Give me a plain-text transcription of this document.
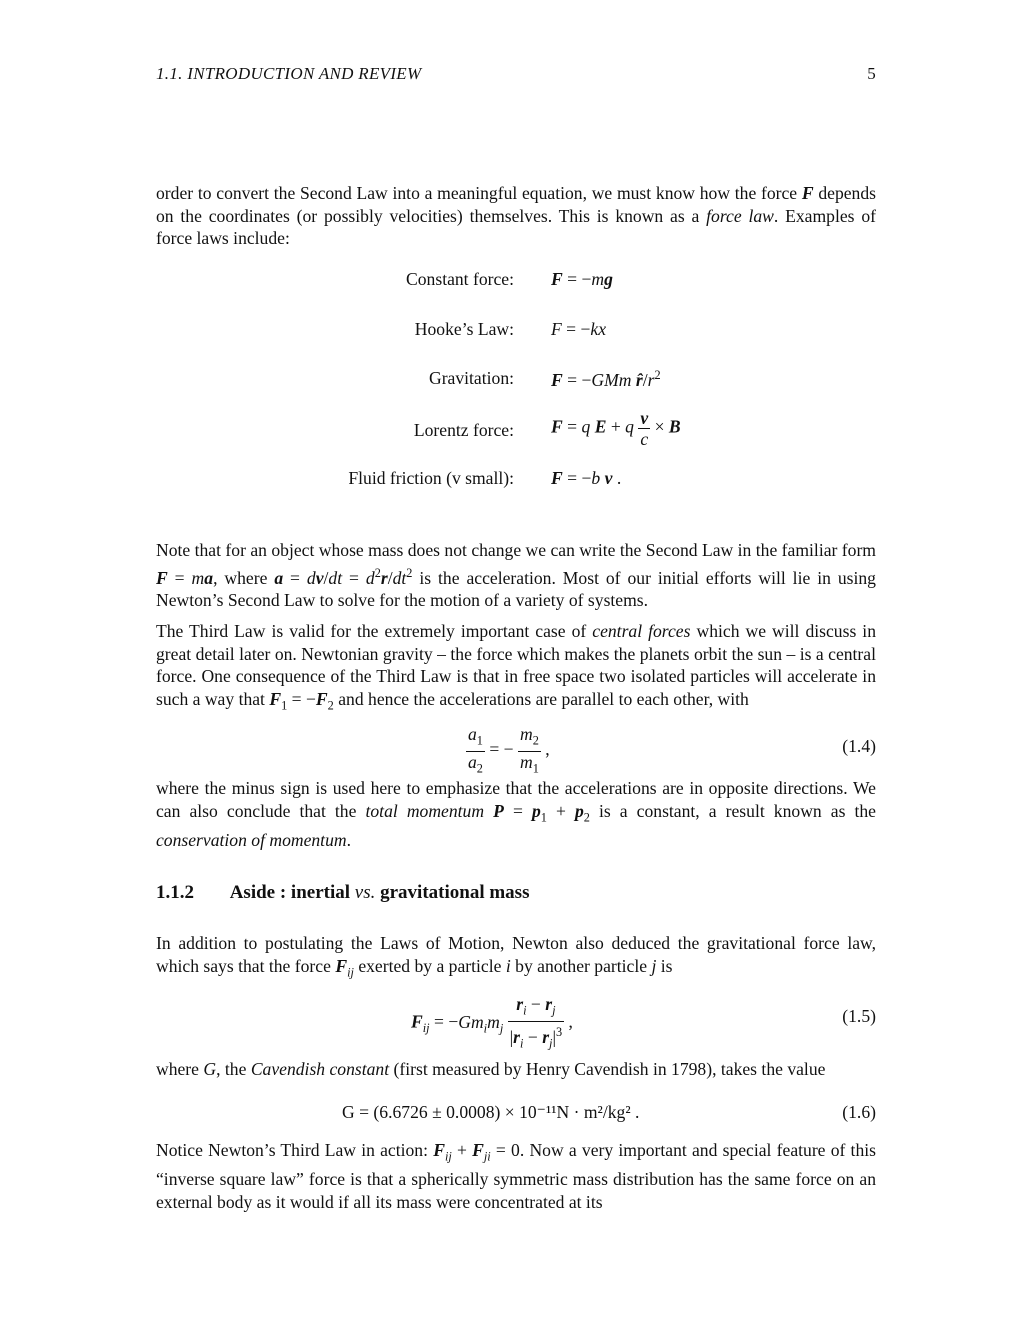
1.1. INTRODUCTION AND REVIEW	5

order to convert the Second Law into a meaningful equation, we must know how the force F depends on the coordinates (or possibly velocities) themselves. This is known as a force law. Examples of force laws include:

Constant force: F = −mg
Hooke’s Law: F = −kx
Gravitation: F = −GMm $r̂/r^2$
Lorentz force: F = q E + q $\frac{v}{c} \times B$
Fluid friction (v small): F = −b v .

Note that for an object whose mass does not change we can write the Second Law in the familiar form F = ma, where $a = dv/dt = d^2r/dt^2$ is the acceleration. Most of our initial efforts will lie in using Newton’s Second Law to solve for the motion of a variety of systems.

The Third Law is valid for the extremely important case of central forces which we will discuss in great detail later on. Newtonian gravity – the force which makes the planets orbit the sun – is a central force. One consequence of the Third Law is that in free space two isolated particles will accelerate in such a way that $F_1 = -F_2$ and hence the accelerations are parallel to each other, with

$\frac{a_1}{a_2}$ = − $\frac{m_2}{m_1}$ ,	(1.4)

where the minus sign is used here to emphasize that the accelerations are in opposite directions. We can also conclude that the total momentum $P = p_1 + p_2$ is a constant, a result known as the conservation of momentum.

1.1.2 Aside : inertial vs. gravitational mass

In addition to postulating the Laws of Motion, Newton also deduced the gravitational force law, which says that the force $F_{ij}$ exerted by a particle i by another particle j is

$F_{ij} = -Gm_im_j \frac{r_i - r_j}{|r_i - r_j|^3}$ ,	(1.5)

where G, the Cavendish constant (first measured by Henry Cavendish in 1798), takes the value

G = (6.6726 ± 0.0008) × 10⁻¹¹N · m²/kg² .	(1.6)

Notice Newton’s Third Law in action: $F_{ij} + F_{ji} = 0$. Now a very important and special feature of this “inverse square law” force is that a spherically symmetric mass distribution has the same force on an external body as it would if all its mass were concentrated at its
